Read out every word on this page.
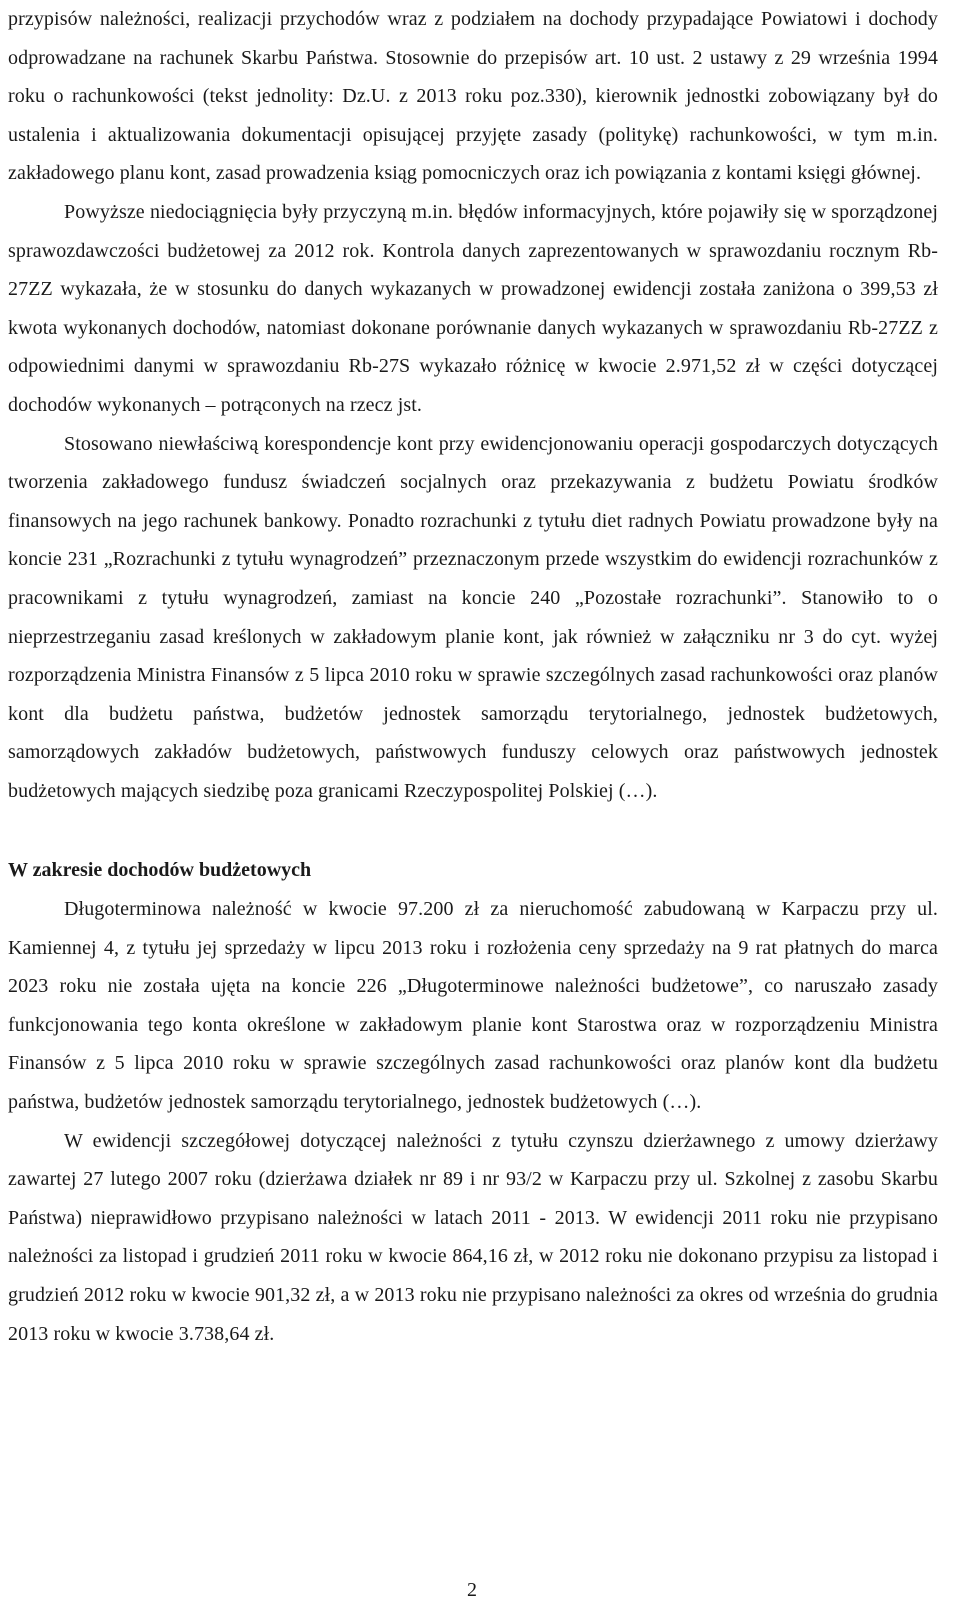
przypisów należności, realizacji przychodów wraz z podziałem na dochody przypadające Powiatowi i dochody odprowadzane na rachunek Skarbu Państwa. Stosownie do przepisów art. 10 ust. 2 ustawy z 29 września 1994 roku o rachunkowości (tekst jednolity: Dz.U. z 2013 roku poz.330), kierownik jednostki zobowiązany był do ustalenia i aktualizowania dokumentacji opisującej przyjęte zasady (politykę) rachunkowości, w tym m.in. zakładowego planu kont, zasad prowadzenia ksiąg pomocniczych oraz ich powiązania z kontami księgi głównej.

Powyższe niedociągnięcia były przyczyną m.in. błędów informacyjnych, które pojawiły się w sporządzonej sprawozdawczości budżetowej za 2012 rok. Kontrola danych zaprezentowanych w sprawozdaniu rocznym Rb-27ZZ wykazała, że w stosunku do danych wykazanych w prowadzonej ewidencji została zaniżona o 399,53 zł kwota wykonanych dochodów, natomiast dokonane porównanie danych wykazanych w sprawozdaniu Rb-27ZZ z odpowiednimi danymi w sprawozdaniu Rb-27S wykazało różnicę w kwocie 2.971,52 zł w części dotyczącej dochodów wykonanych – potrąconych na rzecz jst.

Stosowano niewłaściwą korespondencje kont przy ewidencjonowaniu operacji gospodarczych dotyczących tworzenia zakładowego fundusz świadczeń socjalnych oraz przekazywania z budżetu Powiatu środków finansowych na jego rachunek bankowy. Ponadto rozrachunki z tytułu diet radnych Powiatu prowadzone były na koncie 231 „Rozrachunki z tytułu wynagrodzeń” przeznaczonym przede wszystkim do ewidencji rozrachunków z pracownikami z tytułu wynagrodzeń, zamiast na koncie 240 „Pozostałe rozrachunki”. Stanowiło to o nieprzestrzeganiu zasad kreślonych w zakładowym planie kont, jak również w załączniku nr 3 do cyt. wyżej rozporządzenia Ministra Finansów z 5 lipca 2010 roku w sprawie szczególnych zasad rachunkowości oraz planów kont dla budżetu państwa, budżetów jednostek samorządu terytorialnego, jednostek budżetowych, samorządowych zakładów budżetowych, państwowych funduszy celowych oraz państwowych jednostek budżetowych mających siedzibę poza granicami Rzeczypospolitej Polskiej (…).

W zakresie dochodów budżetowych

Długoterminowa należność w kwocie 97.200 zł za nieruchomość zabudowaną w Karpaczu przy ul. Kamiennej 4, z tytułu jej sprzedaży w lipcu 2013 roku i rozłożenia ceny sprzedaży na 9 rat płatnych do marca 2023 roku nie została ujęta na koncie 226 „Długoterminowe należności budżetowe”, co naruszało zasady funkcjonowania tego konta określone w zakładowym planie kont Starostwa oraz w rozporządzeniu Ministra Finansów z 5 lipca 2010 roku w sprawie szczególnych zasad rachunkowości oraz planów kont dla budżetu państwa, budżetów jednostek samorządu terytorialnego, jednostek budżetowych (…).

W ewidencji szczegółowej dotyczącej należności z tytułu czynszu dzierżawnego z umowy dzierżawy zawartej 27 lutego 2007 roku (dzierżawa działek nr 89 i nr 93/2 w Karpaczu przy ul. Szkolnej z zasobu Skarbu Państwa) nieprawidłowo przypisano należności w latach 2011 - 2013. W ewidencji 2011 roku nie przypisano należności za listopad i grudzień 2011 roku w kwocie 864,16 zł, w 2012 roku nie dokonano przypisu za listopad i grudzień 2012 roku w kwocie 901,32 zł, a w 2013 roku nie przypisano należności za okres od września do grudnia 2013 roku w kwocie 3.738,64 zł.

2
